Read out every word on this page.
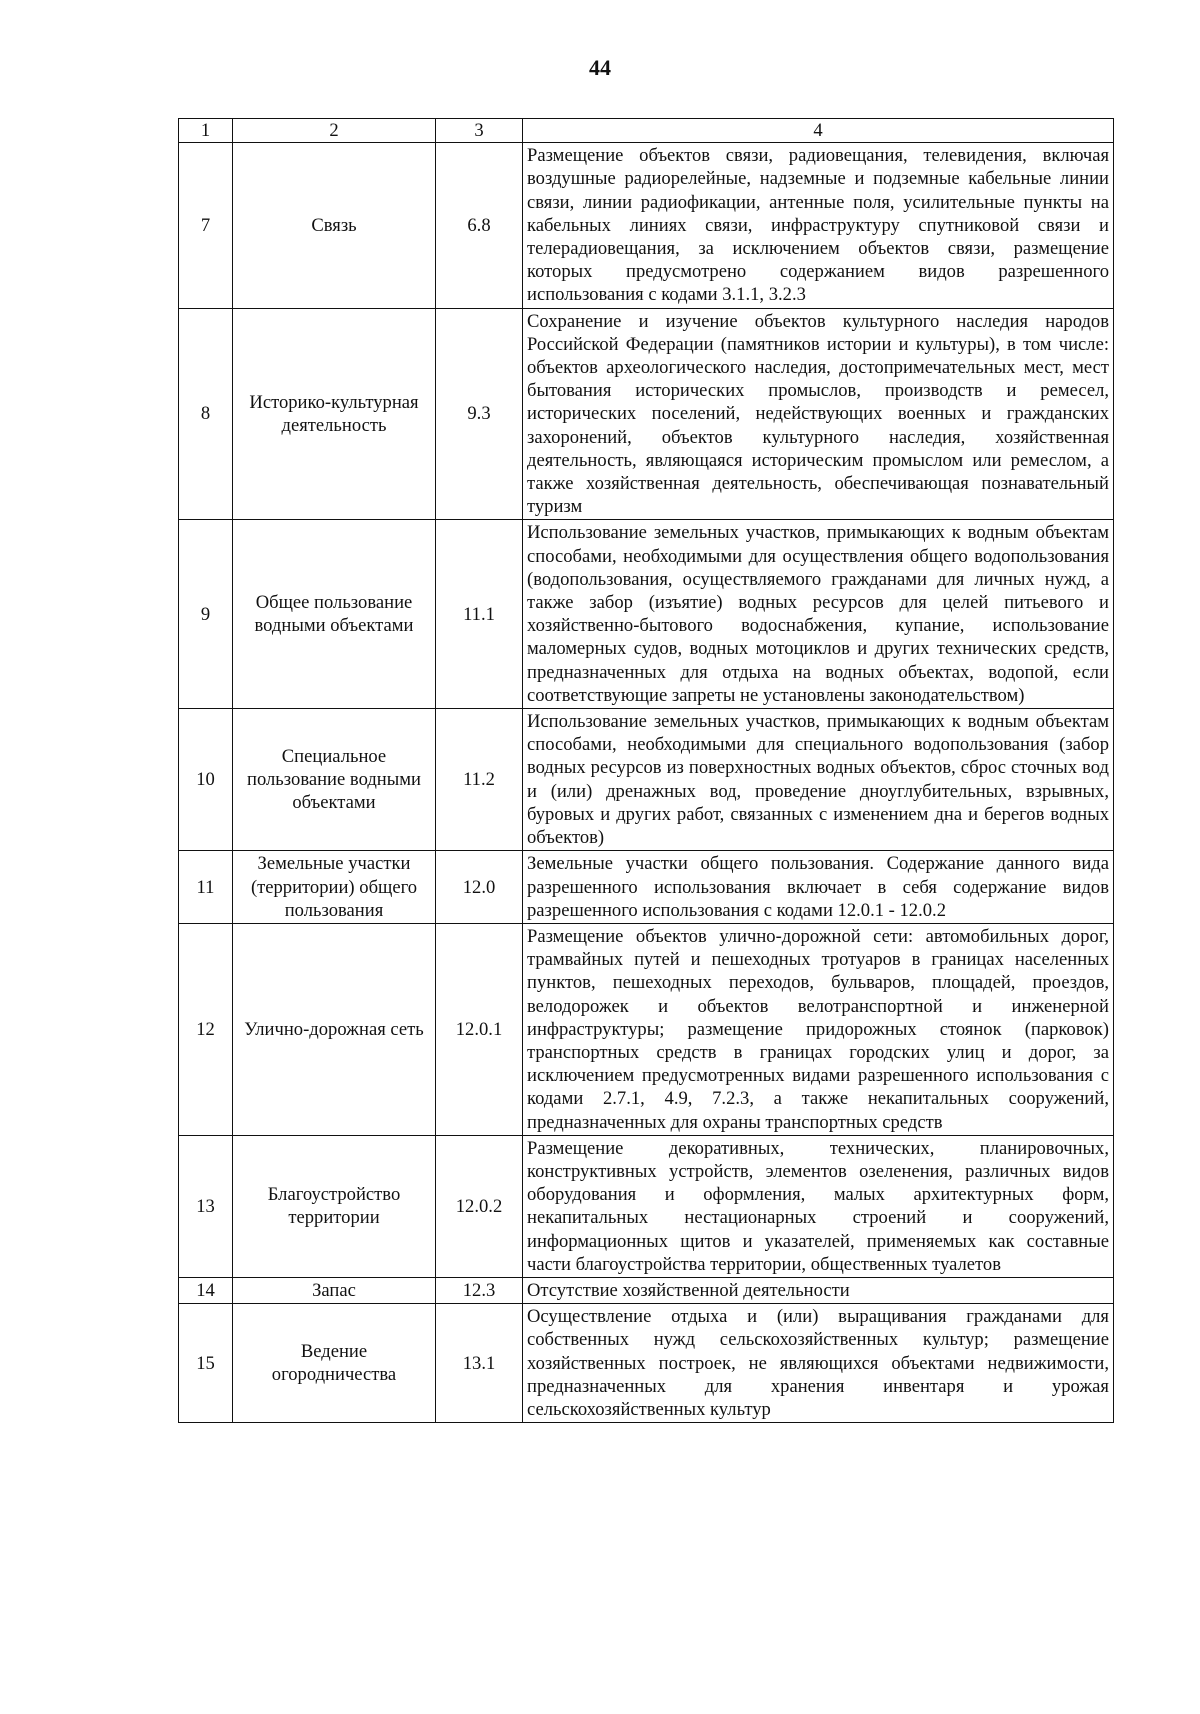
44
1	2	3	4
7	Связь	6.8	Размещение объектов связи, радиовещания, телевидения, включая воздушные радиорелейные, надземные и подземные кабельные линии связи, линии радиофикации, антенные поля, усилительные пункты на кабельных линиях связи, инфраструктуру спутниковой связи и телерадиовещания, за исключением объектов связи, размещение которых предусмотрено содержанием видов разрешенного использования с кодами 3.1.1, 3.2.3
8	Историко-культурная деятельность	9.3	Сохранение и изучение объектов культурного наследия народов Российской Федерации (памятников истории и культуры), в том числе: объектов археологического наследия, достопримечательных мест, мест бытования исторических промыслов, производств и ремесел, исторических поселений, недействующих военных и гражданских захоронений, объектов культурного наследия, хозяйственная деятельность, являющаяся историческим промыслом или ремеслом, а также хозяйственная деятельность, обеспечивающая познавательный туризм
9	Общее пользование водными объектами	11.1	Использование земельных участков, примыкающих к водным объектам способами, необходимыми для осуществления общего водопользования (водопользования, осуществляемого гражданами для личных нужд, а также забор (изъятие) водных ресурсов для целей питьевого и хозяйственно-бытового водоснабжения, купание, использование маломерных судов, водных мотоциклов и других технических средств, предназначенных для отдыха на водных объектах, водопой, если соответствующие запреты не установлены законодательством)
10	Специальное пользование водными объектами	11.2	Использование земельных участков, примыкающих к водным объектам способами, необходимыми для специального водопользования (забор водных ресурсов из поверхностных водных объектов, сброс сточных вод и (или) дренажных вод, проведение дноуглубительных, взрывных, буровых и других работ, связанных с изменением дна и берегов водных объектов)
11	Земельные участки (территории) общего пользования	12.0	Земельные участки общего пользования. Содержание данного вида разрешенного использования включает в себя содержание видов разрешенного использования с кодами 12.0.1 - 12.0.2
12	Улично-дорожная сеть	12.0.1	Размещение объектов улично-дорожной сети: автомобильных дорог, трамвайных путей и пешеходных тротуаров в границах населенных пунктов, пешеходных переходов, бульваров, площадей, проездов, велодорожек и объектов велотранспортной и инженерной инфраструктуры; размещение придорожных стоянок (парковок) транспортных средств в границах городских улиц и дорог, за исключением предусмотренных видами разрешенного использования с кодами 2.7.1, 4.9, 7.2.3, а также некапитальных сооружений, предназначенных для охраны транспортных средств
13	Благоустройство территории	12.0.2	Размещение декоративных, технических, планировочных, конструктивных устройств, элементов озеленения, различных видов оборудования и оформления, малых архитектурных форм, некапитальных нестационарных строений и сооружений, информационных щитов и указателей, применяемых как составные части благоустройства территории, общественных туалетов
14	Запас	12.3	Отсутствие хозяйственной деятельности
15	Ведение огородничества	13.1	Осуществление отдыха и (или) выращивания гражданами для собственных нужд сельскохозяйственных культур; размещение хозяйственных построек, не являющихся объектами недвижимости, предназначенных для хранения инвентаря и урожая сельскохозяйственных культур
